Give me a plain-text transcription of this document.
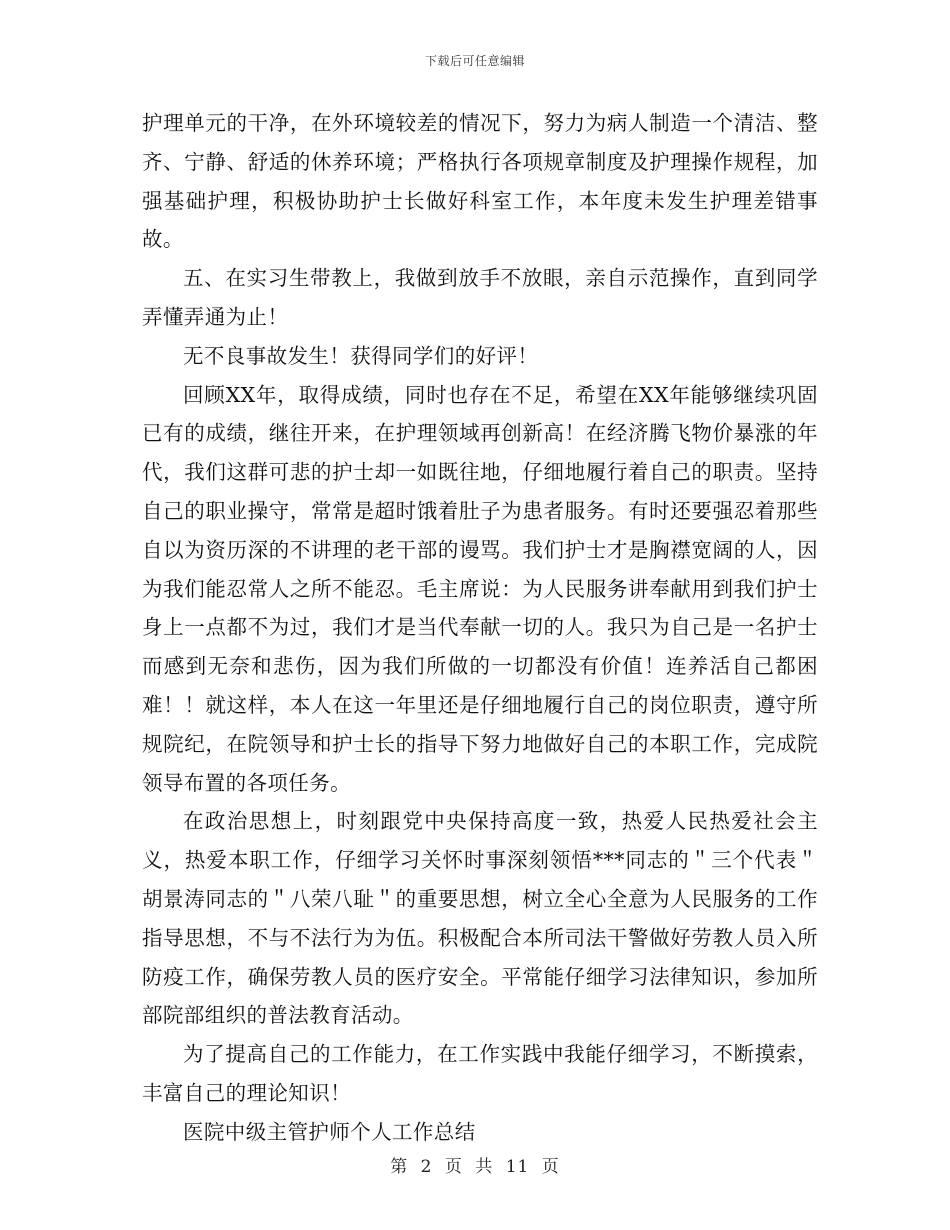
下载后可任意编辑

护理单元的干净，在外环境较差的情况下，努力为病人制造一个清洁、整齐、宁静、舒适的休养环境；严格执行各项规章制度及护理操作规程，加强基础护理，积极协助护士长做好科室工作，本年度未发生护理差错事故。

五、在实习生带教上，我做到放手不放眼，亲自示范操作，直到同学弄懂弄通为止！

无不良事故发生！获得同学们的好评！

回顾XX年，取得成绩，同时也存在不足，希望在XX年能够继续巩固已有的成绩，继往开来，在护理领域再创新高！在经济腾飞物价暴涨的年代，我们这群可悲的护士却一如既往地，仔细地履行着自己的职责。坚持自己的职业操守，常常是超时饿着肚子为患者服务。有时还要强忍着那些自以为资历深的不讲理的老干部的谩骂。我们护士才是胸襟宽阔的人，因为我们能忍常人之所不能忍。毛主席说：为人民服务讲奉献用到我们护士身上一点都不为过，我们才是当代奉献一切的人。我只为自己是一名护士而感到无奈和悲伤，因为我们所做的一切都没有价值！连养活自己都困难！！就这样，本人在这一年里还是仔细地履行自己的岗位职责，遵守所规院纪，在院领导和护士长的指导下努力地做好自己的本职工作，完成院领导布置的各项任务。

在政治思想上，时刻跟党中央保持高度一致，热爱人民热爱社会主义，热爱本职工作，仔细学习关怀时事深刻领悟***同志的＂三个代表＂胡景涛同志的＂八荣八耻＂的重要思想，树立全心全意为人民服务的工作指导思想，不与不法行为为伍。积极配合本所司法干警做好劳教人员入所防疫工作，确保劳教人员的医疗安全。平常能仔细学习法律知识，参加所部院部组织的普法教育活动。

为了提高自己的工作能力，在工作实践中我能仔细学习，不断摸索，丰富自己的理论知识！

医院中级主管护师个人工作总结

第 2 页 共 11 页
